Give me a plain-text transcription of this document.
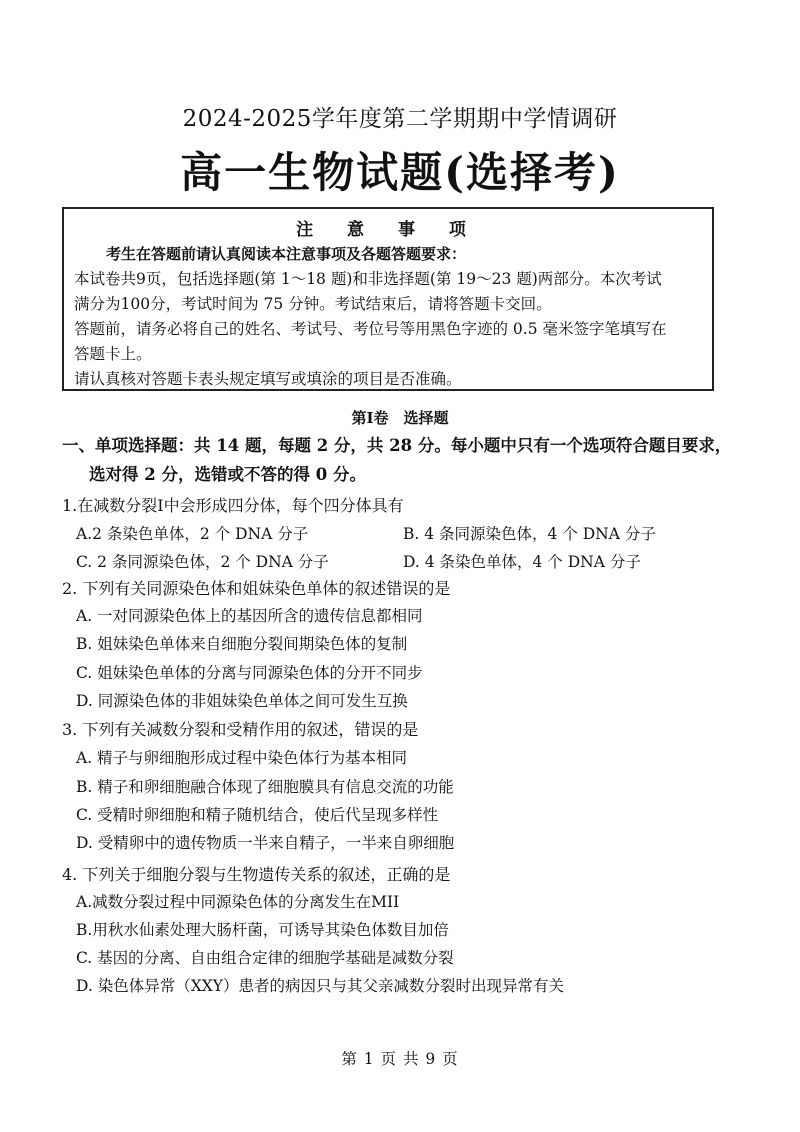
2024-2025学年度第二学期期中学情调研
高一生物试题(选择考)
注 意 事 项
考生在答题前请认真阅读本注意事项及各题答题要求：
本试卷共9页，包括选择题(第 1～18 题)和非选择题(第 19～23 题)两部分。本次考试
满分为100分，考试时间为 75 分钟。考试结束后，请将答题卡交回。
答题前，请务必将自己的姓名、考试号、考位号等用黑色字迹的 0.5 毫米签字笔填写在
答题卡上。
请认真核对答题卡表头规定填写或填涂的项目是否准确。
第Ⅰ卷　选择题
一、单项选择题：共 14 题，每题 2 分，共 28 分。每小题中只有一个选项符合题目要求，
选对得 2 分，选错或不答的得 0 分。
1.在减数分裂Ⅰ中会形成四分体，每个四分体具有
A.2 条染色单体，2 个 DNA 分子	B. 4 条同源染色体，4 个 DNA 分子
C. 2 条同源染色体，2 个 DNA 分子	D. 4 条染色单体，4 个 DNA 分子
2. 下列有关同源染色体和姐妹染色单体的叙述错误的是
A. 一对同源染色体上的基因所含的遗传信息都相同
B. 姐妹染色单体来自细胞分裂间期染色体的复制
C. 姐妹染色单体的分离与同源染色体的分开不同步
D. 同源染色体的非姐妹染色单体之间可发生互换
3. 下列有关减数分裂和受精作用的叙述，错误的是
A. 精子与卵细胞形成过程中染色体行为基本相同
B. 精子和卵细胞融合体现了细胞膜具有信息交流的功能
C. 受精时卵细胞和精子随机结合，使后代呈现多样性
D. 受精卵中的遗传物质一半来自精子，一半来自卵细胞
4. 下列关于细胞分裂与生物遗传关系的叙述，正确的是
A.减数分裂过程中同源染色体的分离发生在MII
B.用秋水仙素处理大肠杆菌，可诱导其染色体数目加倍
C. 基因的分离、自由组合定律的细胞学基础是减数分裂
D. 染色体异常（XXY）患者的病因只与其父亲减数分裂时出现异常有关
第 1 页 共 9 页
